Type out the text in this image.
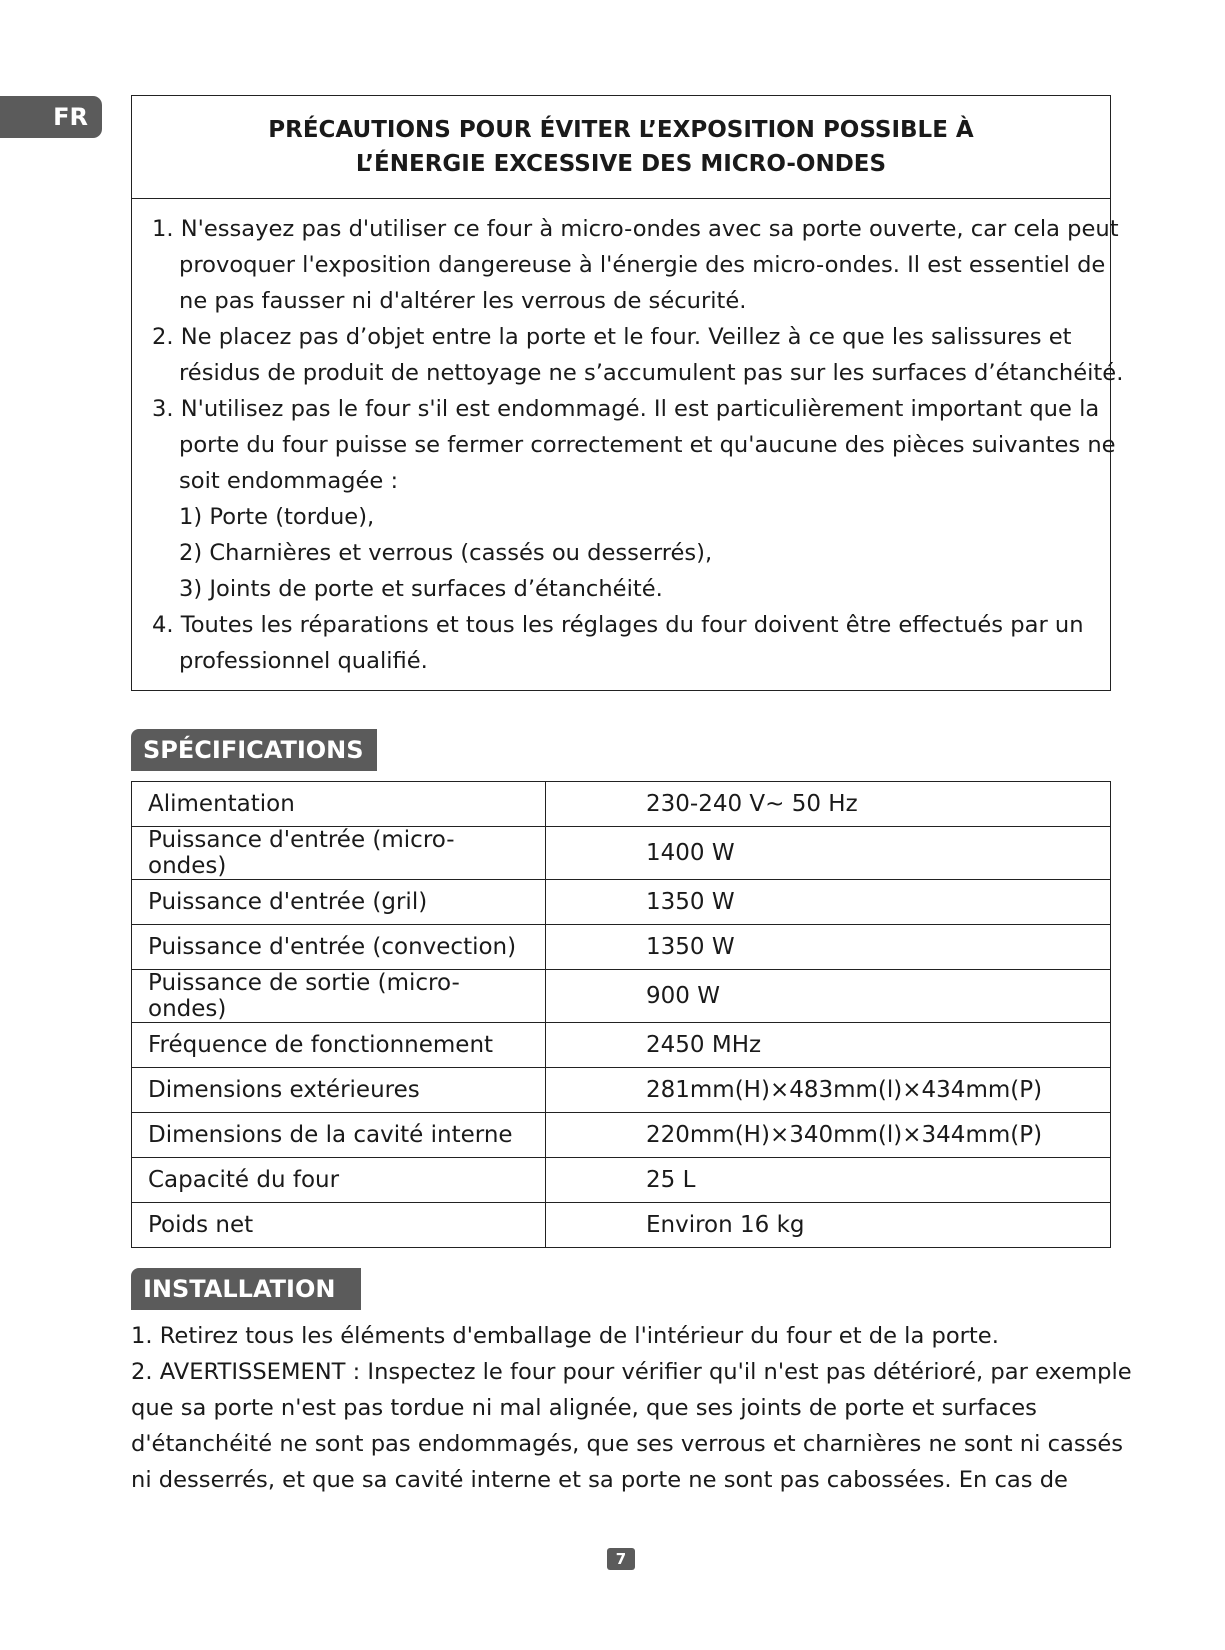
FR	PRÉCAUTIONS POUR ÉVITER L’EXPOSITION POSSIBLE À
L’ÉNERGIE EXCESSIVE DES MICRO-ONDES
1. N'essayez pas d'utiliser ce four à micro-ondes avec sa porte ouverte, car cela peut
provoquer l'exposition dangereuse à l'énergie des micro-ondes. Il est essentiel de
ne pas fausser ni d'altérer les verrous de sécurité.
2. Ne placez pas d’objet entre la porte et le four. Veillez à ce que les salissures et
résidus de produit de nettoyage ne s’accumulent pas sur les surfaces d’étanchéité.
3. N'utilisez pas le four s'il est endommagé. Il est particulièrement important que la
porte du four puisse se fermer correctement et qu'aucune des pièces suivantes ne
soit endommagée :
1) Porte (tordue),
2) Charnières et verrous (cassés ou desserrés),
3) Joints de porte et surfaces d’étanchéité.
4. Toutes les réparations et tous les réglages du four doivent être effectués par un
professionnel qualifié.
SPÉCIFICATIONS
Alimentation	230-240 V~ 50 Hz
Puissance d'entrée (micro-ondes)	1400 W
Puissance d'entrée (gril)	1350 W
Puissance d'entrée (convection)	1350 W
Puissance de sortie (micro-ondes)	900 W
Fréquence de fonctionnement	2450 MHz
Dimensions extérieures	281mm(H)×483mm(l)×434mm(P)
Dimensions de la cavité interne	220mm(H)×340mm(l)×344mm(P)
Capacité du four	25 L
Poids net	Environ 16 kg
INSTALLATION
1. Retirez tous les éléments d'emballage de l'intérieur du four et de la porte.
2. AVERTISSEMENT : Inspectez le four pour vérifier qu'il n'est pas détérioré, par exemple
que sa porte n'est pas tordue ni mal alignée, que ses joints de porte et surfaces
d'étanchéité ne sont pas endommagés, que ses verrous et charnières ne sont ni cassés
ni desserrés, et que sa cavité interne et sa porte ne sont pas cabossées. En cas de
7
